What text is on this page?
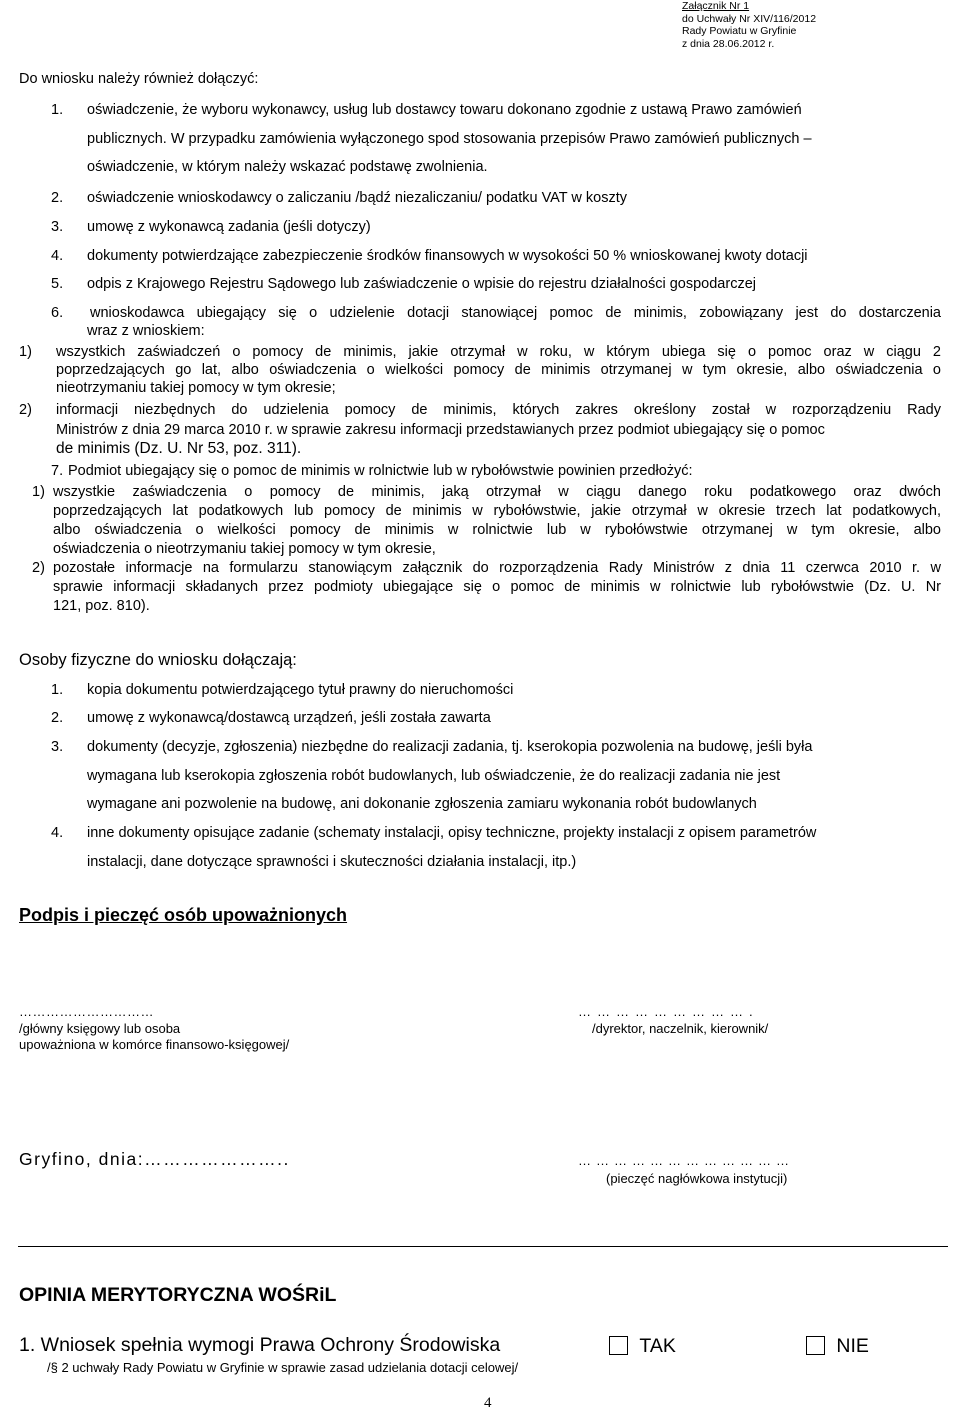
Załącznik Nr 1
do Uchwały Nr XIV/116/2012
Rady Powiatu w Gryfinie
z dnia 28.06.2012 r.
Do wniosku należy również dołączyć:
1. oświadczenie, że wyboru wykonawcy, usług lub dostawcy towaru dokonano zgodnie z ustawą Prawo zamówień
publicznych. W przypadku zamówienia wyłączonego spod stosowania przepisów Prawo zamówień publicznych –
oświadczenie, w którym należy wskazać podstawę zwolnienia.
2. oświadczenie wnioskodawcy o zaliczaniu /bądź niezaliczaniu/ podatku VAT w koszty
3. umowę z wykonawcą zadania (jeśli dotyczy)
4. dokumenty potwierdzające zabezpieczenie środków finansowych w wysokości 50 % wnioskowanej kwoty dotacji
5. odpis z Krajowego Rejestru Sądowego lub zaświadczenie o wpisie do rejestru działalności gospodarczej
6. wnioskodawca ubiegający się o udzielenie dotacji stanowiącej pomoc de minimis, zobowiązany jest do dostarczenia
wraz z wnioskiem:
1) wszystkich zaświadczeń o pomocy de minimis, jakie otrzymał w roku, w którym ubiega się o pomoc oraz w ciągu 2
poprzedzających go lat, albo oświadczenia o wielkości pomocy de minimis otrzymanej w tym okresie, albo oświadczenia o
nieotrzymaniu takiej pomocy w tym okresie;
2) informacji niezbędnych do udzielenia pomocy de minimis, których zakres określony został w rozporządzeniu Rady
Ministrów z dnia 29 marca 2010 r. w sprawie zakresu informacji przedstawianych przez podmiot ubiegający się o pomoc
de minimis (Dz. U. Nr 53, poz. 311).
7. Podmiot ubiegający się o pomoc de minimis w rolnictwie lub w rybołówstwie powinien przedłożyć:
1) wszystkie zaświadczenia o pomocy de minimis, jaką otrzymał w ciągu danego roku podatkowego oraz dwóch
poprzedzających lat podatkowych lub pomocy de minimis w rybołówstwie, jakie otrzymał w okresie trzech lat podatkowych,
albo oświadczenia o wielkości pomocy de minimis w rolnictwie lub w rybołówstwie otrzymanej w tym okresie, albo
oświadczenia o nieotrzymaniu takiej pomocy w tym okresie,
2) pozostałe informacje na formularzu stanowiącym załącznik do rozporządzenia Rady Ministrów z dnia 11 czerwca 2010 r. w
sprawie informacji składanych przez podmioty ubiegające się o pomoc de minimis w rolnictwie lub rybołówstwie (Dz. U. Nr
121, poz. 810).
Osoby fizyczne do wniosku dołączają:
1. kopia dokumentu potwierdzającego tytuł prawny do nieruchomości
2. umowę z wykonawcą/dostawcą urządzeń, jeśli została zawarta
3. dokumenty (decyzje, zgłoszenia) niezbędne do realizacji zadania, tj. kserokopia pozwolenia na budowę, jeśli była
wymagana lub kserokopia zgłoszenia robót budowlanych, lub oświadczenie, że do realizacji zadania nie jest
wymagane ani pozwolenie na budowę, ani dokonanie zgłoszenia zamiaru wykonania robót budowlanych
4. inne dokumenty opisujące zadanie (schematy instalacji, opisy techniczne, projekty instalacji z opisem parametrów
instalacji, dane dotyczące sprawności i skuteczności działania instalacji, itp.)
Podpis i pieczęć osób upoważnionych
…………………………
/główny księgowy lub osoba
upoważniona w komórce finansowo-księgowej/
……………………….
/dyrektor, naczelnik, kierownik/
Gryfino, dnia:…………………..	………………………………
(pieczęć nagłówkowa instytucji)
OPINIA MERYTORYCZNA WOŚRiL
1. Wniosek spełnia wymogi Prawa Ochrony Środowiska	TAK	NIE
/§ 2 uchwały Rady Powiatu w Gryfinie w sprawie zasad udzielania dotacji celowej/
4
